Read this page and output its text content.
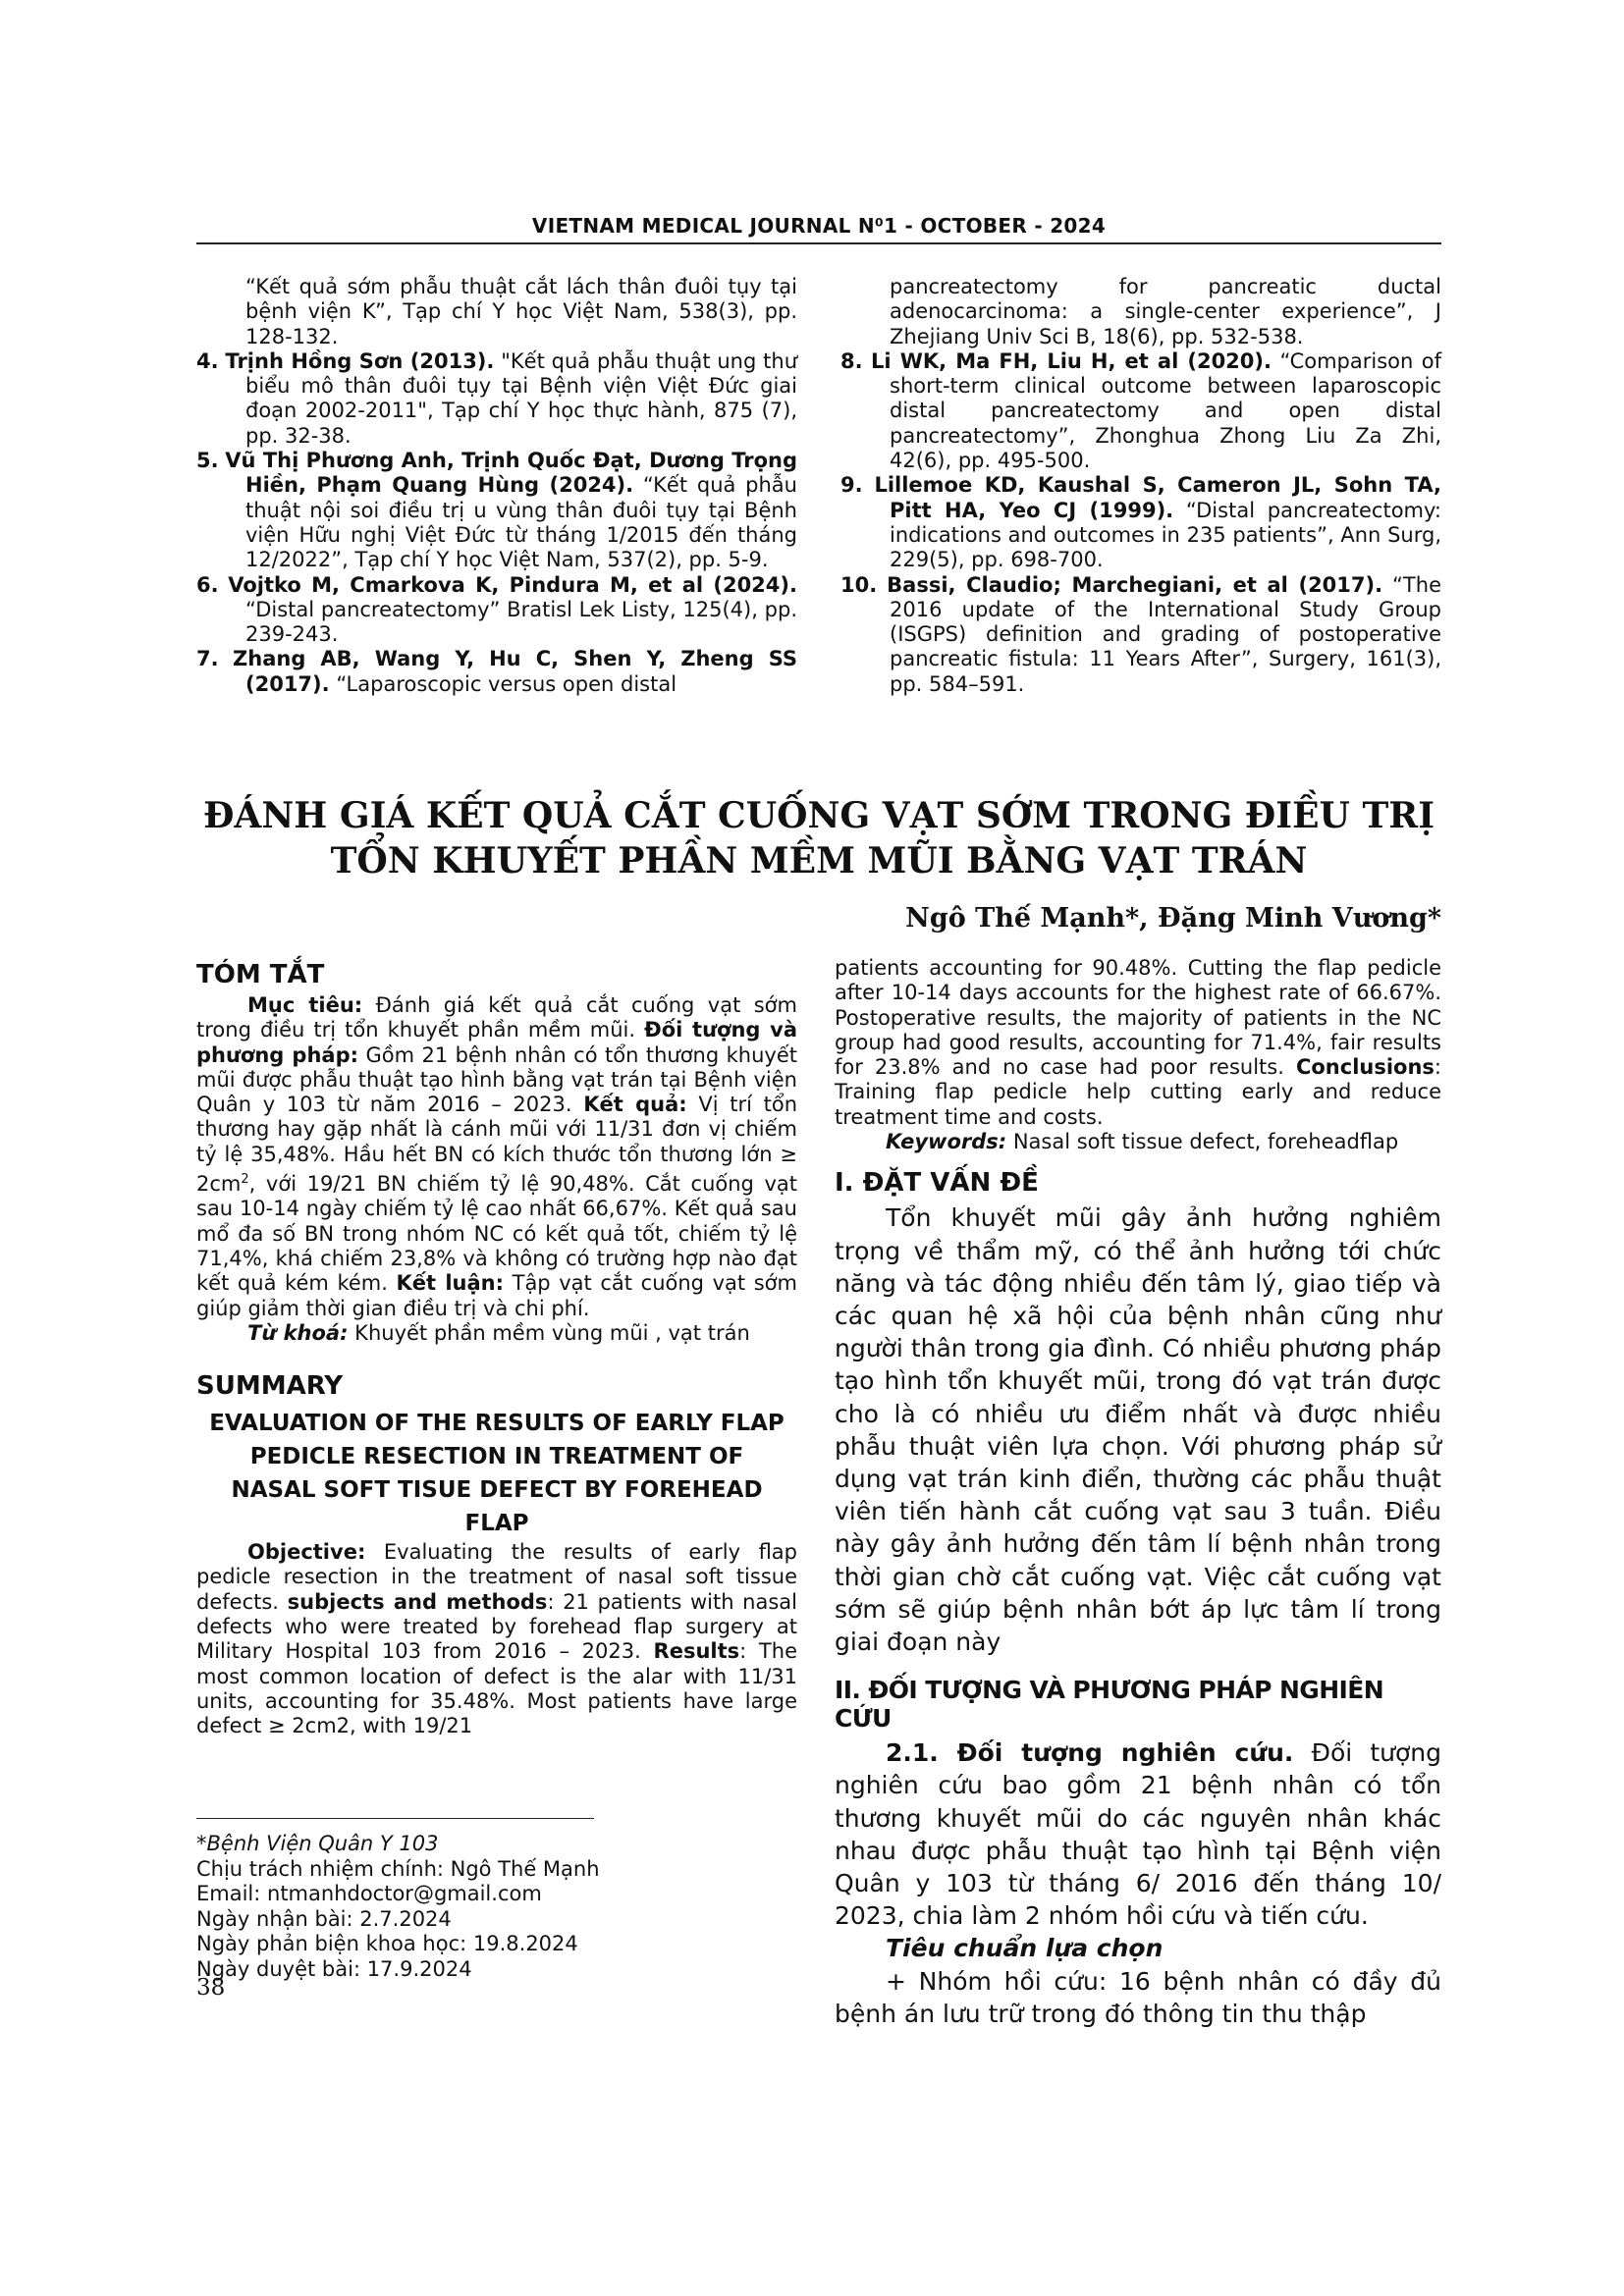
VIETNAM MEDICAL JOURNAL N⁰1 - OCTOBER - 2024

“Kết quả sớm phẫu thuật cắt lách thân đuôi tụy tại bệnh viện K”, Tạp chí Y học Việt Nam, 538(3), pp. 128-132.

4. Trịnh Hồng Sơn (2013). "Kết quả phẫu thuật ung thư biểu mô thân đuôi tụy tại Bệnh viện Việt Đức giai đoạn 2002-2011", Tạp chí Y học thực hành, 875 (7), pp. 32-38.

5. Vũ Thị Phương Anh, Trịnh Quốc Đạt, Dương Trọng Hiền, Phạm Quang Hùng (2024). “Kết quả phẫu thuật nội soi điều trị u vùng thân đuôi tụy tại Bệnh viện Hữu nghị Việt Đức từ tháng 1/2015 đến tháng 12/2022”, Tạp chí Y học Việt Nam, 537(2), pp. 5-9.

6. Vojtko M, Cmarkova K, Pindura M, et al (2024). “Distal pancreatectomy” Bratisl Lek Listy, 125(4), pp. 239-243.

7. Zhang AB, Wang Y, Hu C, Shen Y, Zheng SS (2017). “Laparoscopic versus open distal

pancreatectomy for pancreatic ductal adenocarcinoma: a single-center experience”, J Zhejiang Univ Sci B, 18(6), pp. 532-538.

8. Li WK, Ma FH, Liu H, et al (2020). “Comparison of short-term clinical outcome between laparoscopic distal pancreatectomy and open distal pancreatectomy”, Zhonghua Zhong Liu Za Zhi, 42(6), pp. 495-500.

9. Lillemoe KD, Kaushal S, Cameron JL, Sohn TA, Pitt HA, Yeo CJ (1999). “Distal pancreatectomy: indications and outcomes in 235 patients”, Ann Surg, 229(5), pp. 698-700.

10. Bassi, Claudio; Marchegiani, et al (2017). “The 2016 update of the International Study Group (ISGPS) definition and grading of postoperative pancreatic fistula: 11 Years After”, Surgery, 161(3), pp. 584–591.

ĐÁNH GIÁ KẾT QUẢ CẮT CUỐNG VẠT SỚM TRONG ĐIỀU TRỊ
TỔN KHUYẾT PHẦN MỀM MŨI BẰNG VẠT TRÁN
Ngô Thế Mạnh*, Đặng Minh Vương*
TÓM TẮT

Mục tiêu: Đánh giá kết quả cắt cuống vạt sớm trong điều trị tổn khuyết phần mềm mũi. Đối tượng và phương pháp: Gồm 21 bệnh nhân có tổn thương khuyết mũi được phẫu thuật tạo hình bằng vạt trán tại Bệnh viện Quân y 103 từ năm 2016 – 2023. Kết quả: Vị trí tổn thương hay gặp nhất là cánh mũi với 11/31 đơn vị chiếm tỷ lệ 35,48%. Hầu hết BN có kích thước tổn thương lớn ≥ $2cm^2$, với 19/21 BN chiếm tỷ lệ 90,48%. Cắt cuống vạt sau 10-14 ngày chiếm tỷ lệ cao nhất 66,67%. Kết quả sau mổ đa số BN trong nhóm NC có kết quả tốt, chiếm tỷ lệ 71,4%, khá chiếm 23,8% và không có trường hợp nào đạt kết quả kém kém. Kết luận: Tập vạt cắt cuống vạt sớm giúp giảm thời gian điều trị và chi phí.

Từ khoá: Khuyết phần mềm vùng mũi , vạt trán

SUMMARY
EVALUATION OF THE RESULTS OF EARLY FLAP PEDICLE RESECTION IN TREATMENT OF NASAL SOFT TISUE DEFECT BY FOREHEAD FLAP

Objective: Evaluating the results of early flap pedicle resection in the treatment of nasal soft tissue defects. subjects and methods: 21 patients with nasal defects who were treated by forehead flap surgery at Military Hospital 103 from 2016 – 2023. Results: The most common location of defect is the alar with 11/31 units, accounting for 35.48%. Most patients have large defect ≥ 2cm2, with 19/21

*Bệnh Viện Quân Y 103
Chịu trách nhiệm chính: Ngô Thế Mạnh
Email: ntmanhdoctor@gmail.com
Ngày nhận bài: 2.7.2024
Ngày phản biện khoa học: 19.8.2024
Ngày duyệt bài: 17.9.2024

patients accounting for 90.48%. Cutting the flap pedicle after 10-14 days accounts for the highest rate of 66.67%. Postoperative results, the majority of patients in the NC group had good results, accounting for 71.4%, fair results for 23.8% and no case had poor results. Conclusions: Training flap pedicle help cutting early and reduce treatment time and costs.

Keywords: Nasal soft tissue defect, foreheadflap

I. ĐẶT VẤN ĐỀ

Tổn khuyết mũi gây ảnh hưởng nghiêm trọng về thẩm mỹ, có thể ảnh hưởng tới chức năng và tác động nhiều đến tâm lý, giao tiếp và các quan hệ xã hội của bệnh nhân cũng như người thân trong gia đình. Có nhiều phương pháp tạo hình tổn khuyết mũi, trong đó vạt trán được cho là có nhiều ưu điểm nhất và được nhiều phẫu thuật viên lựa chọn. Với phương pháp sử dụng vạt trán kinh điển, thường các phẫu thuật viên tiến hành cắt cuống vạt sau 3 tuần. Điều này gây ảnh hưởng đến tâm lí bệnh nhân trong thời gian chờ cắt cuống vạt. Việc cắt cuống vạt sớm sẽ giúp bệnh nhân bớt áp lực tâm lí trong giai đoạn này

II. ĐỐI TƯỢNG VÀ PHƯƠNG PHÁP NGHIÊN CỨU

2.1. Đối tượng nghiên cứu. Đối tượng nghiên cứu bao gồm 21 bệnh nhân có tổn thương khuyết mũi do các nguyên nhân khác nhau được phẫu thuật tạo hình tại Bệnh viện Quân y 103 từ tháng 6/ 2016 đến tháng 10/ 2023, chia làm 2 nhóm hồi cứu và tiến cứu.

Tiêu chuẩn lựa chọn

+ Nhóm hồi cứu: 16 bệnh nhân có đầy đủ bệnh án lưu trữ trong đó thông tin thu thập

38
